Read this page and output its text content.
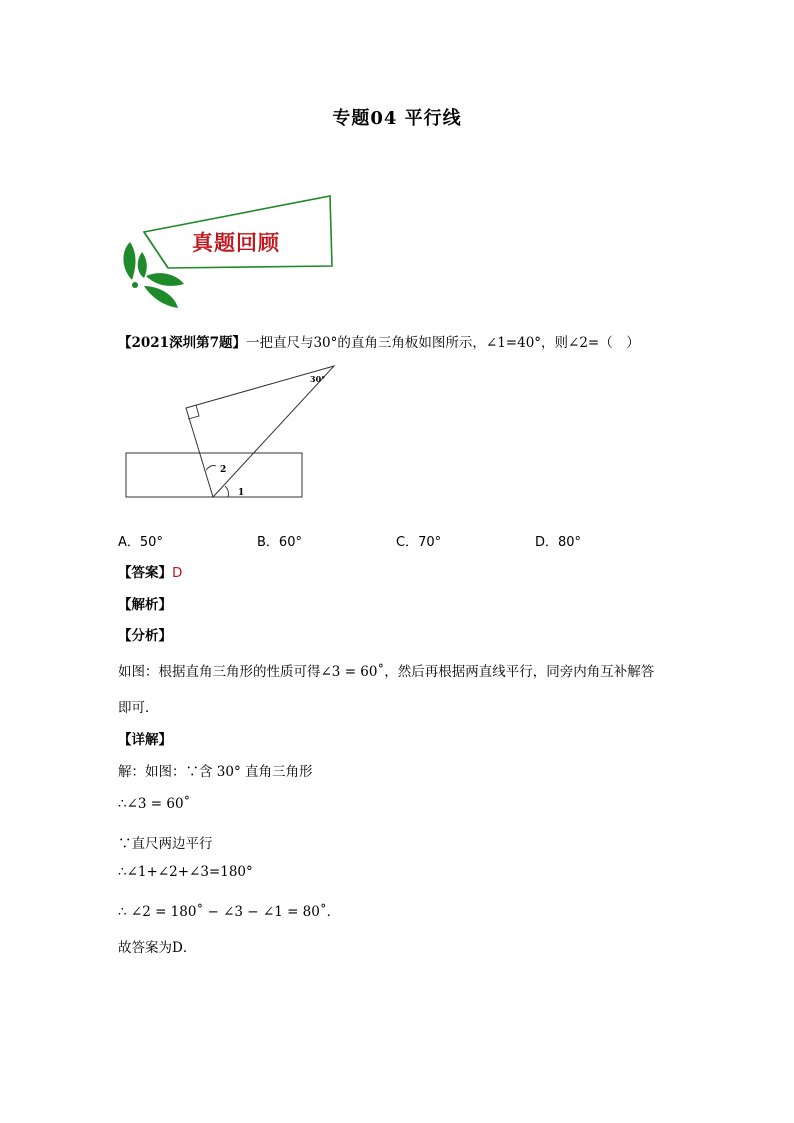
专题04 平行线
真题回顾
【2021深圳第7题】一把直尺与30°的直角三角板如图所示，∠1=40°，则∠2=（　）
30°
2
1
A．50°	B．60°	C．70°	D．80°
【答案】D
【解析】
【分析】
如图：根据直角三角形的性质可得∠3 = 60˚，然后再根据两直线平行，同旁内角互补解答
即可．
【详解】
解：如图：∵含 30° 直角三角形
∴∠3 = 60˚
∵直尺两边平行
∴∠1+∠2+∠3=180°
∴ ∠2 = 180˚ − ∠3 − ∠1 = 80˚．
故答案为D．
